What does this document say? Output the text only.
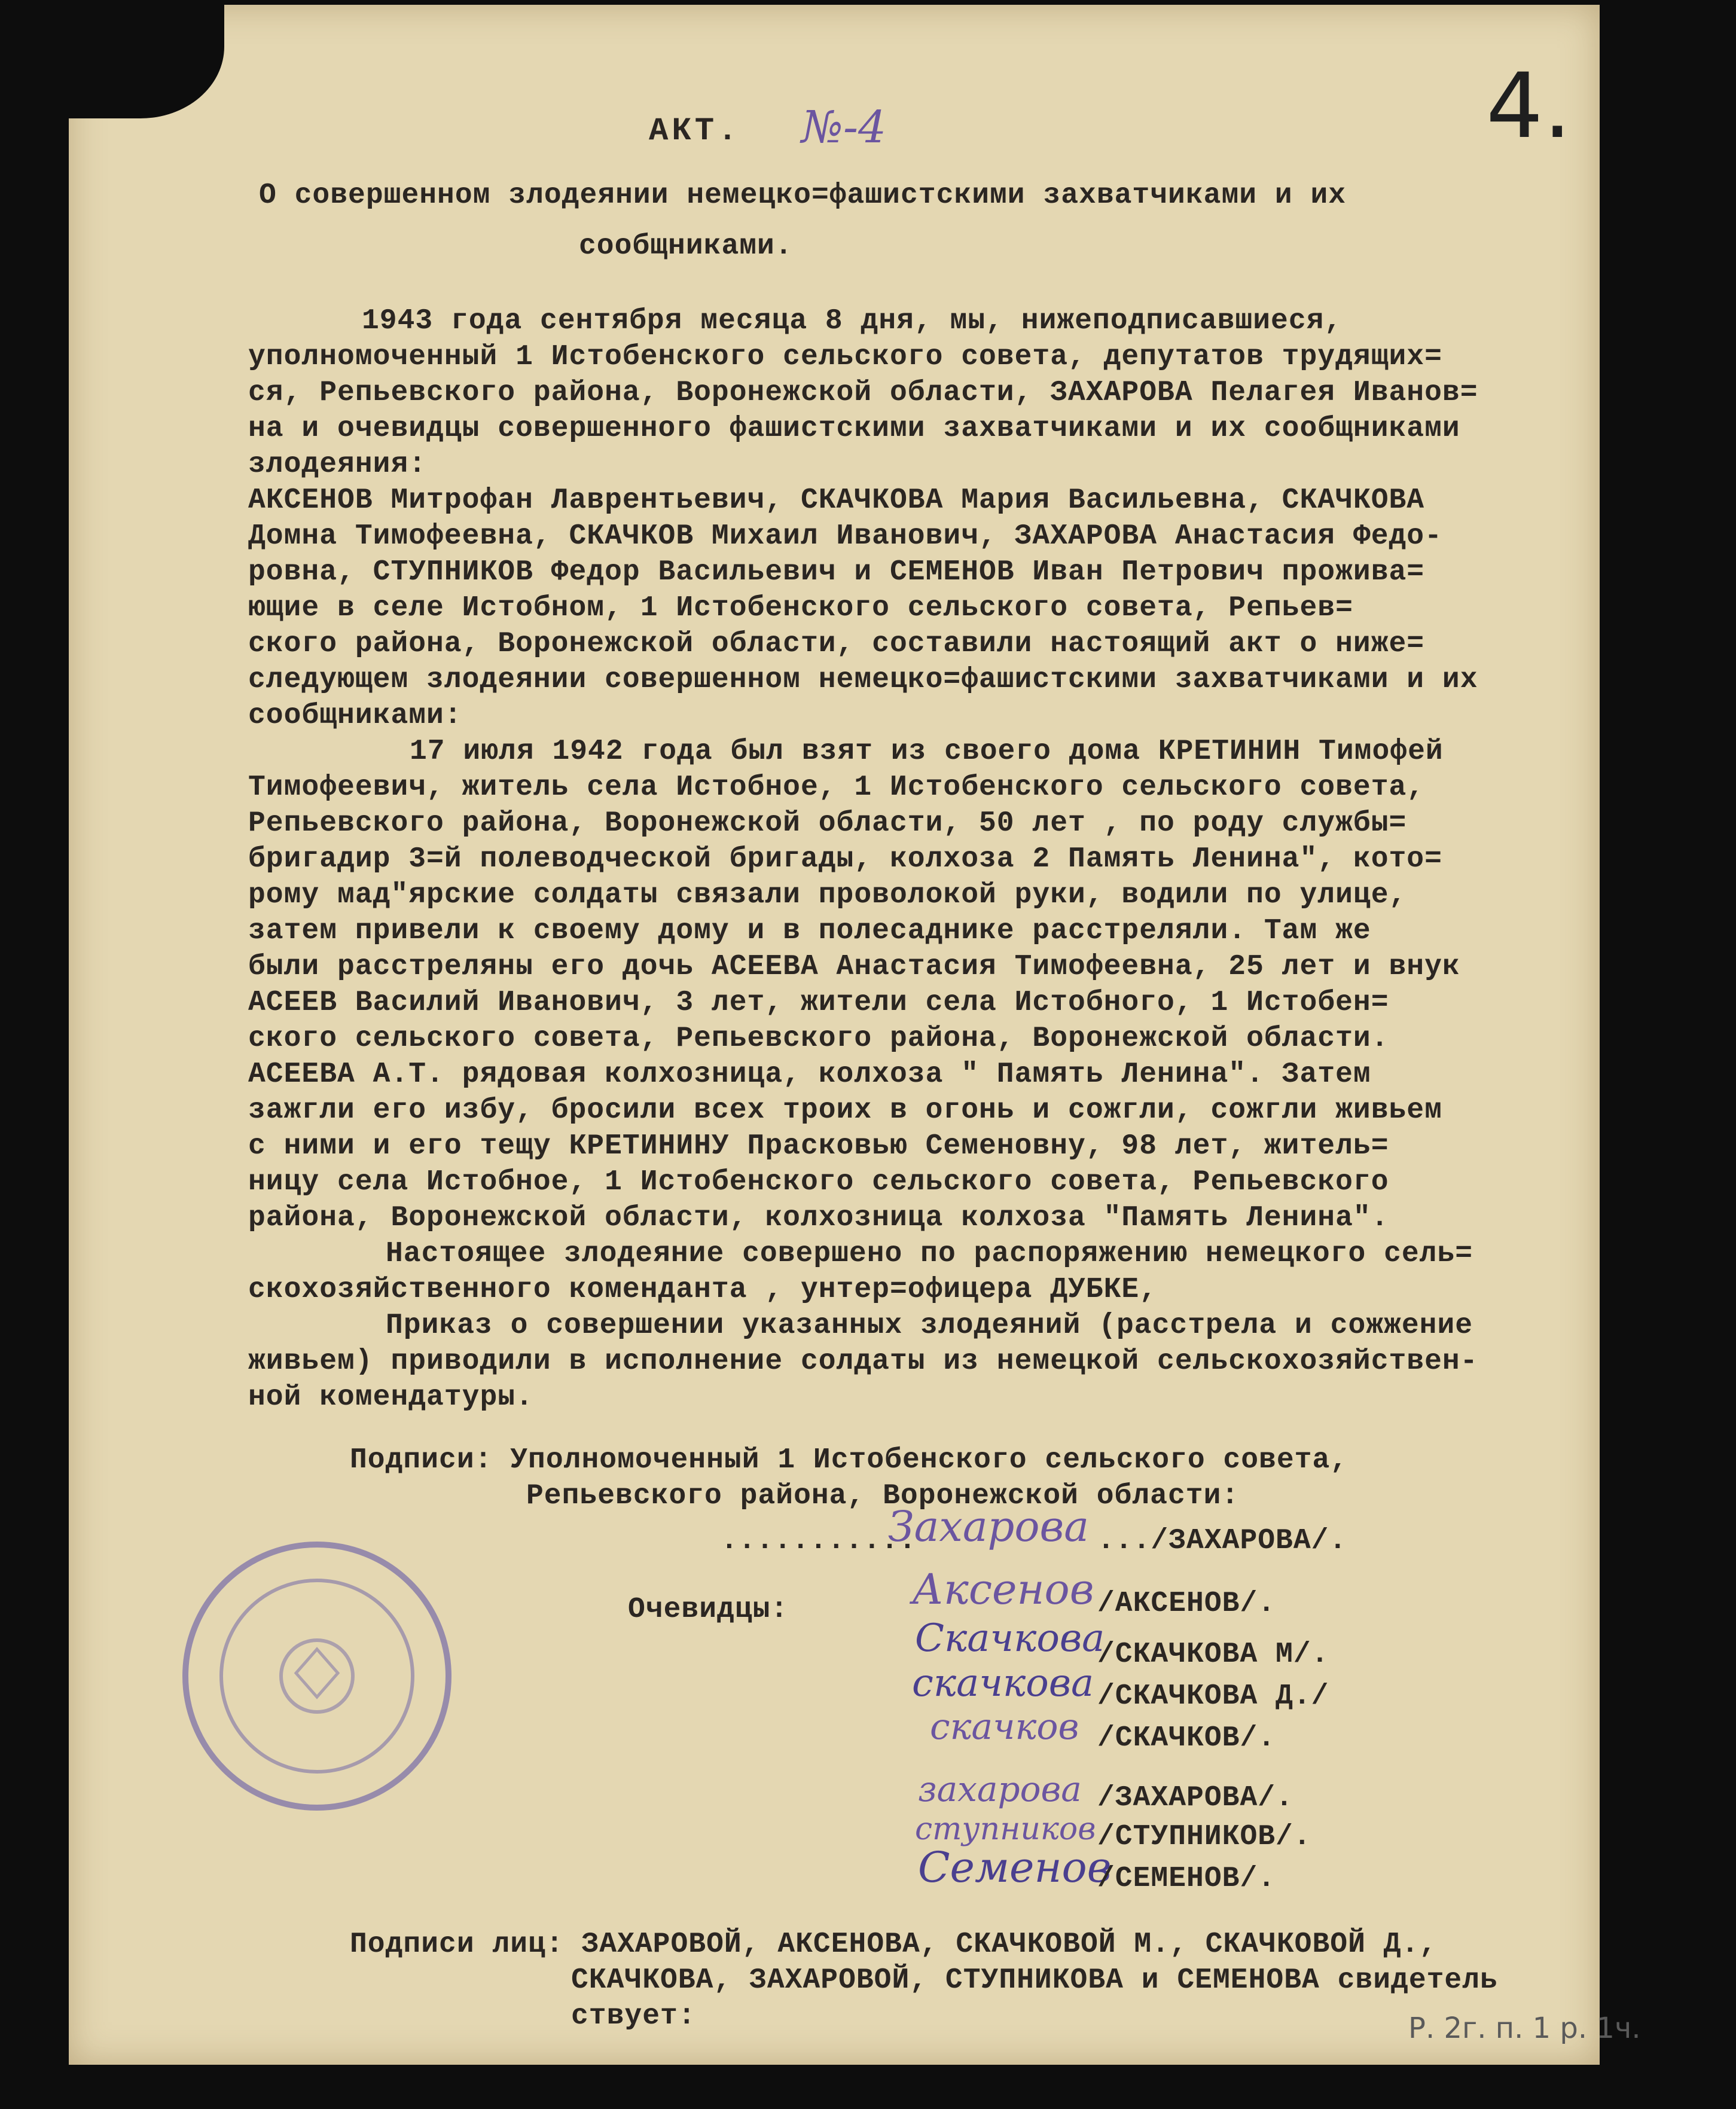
АКТ. №-4	4.
О совершенном злодеянии немецко=фашистскими захватчиками и их
сообщниками.
1943 года сентября месяца 8 дня, мы, нижеподписавшиеся,
уполномоченный 1 Истобенского сельского совета, депутатов трудящих=
ся, Репьевского района, Воронежской области, ЗАХАРОВА Пелагея Иванов=
на и очевидцы совершенного фашистскими захватчиками и их сообщниками
злодеяния:
АКСЕНОВ Митрофан Лаврентьевич, СКАЧКОВА Мария Васильевна, СКАЧКОВА
Домна Тимофеевна, СКАЧКОВ Михаил Иванович, ЗАХАРОВА Анастасия Федо-
ровна, СТУПНИКОВ Федор Васильевич и СЕМЕНОВ Иван Петрович прожива=
ющие в селе Истобном, 1 Истобенского сельского совета, Репьев=
ского района, Воронежской области, составили настоящий акт о ниже=
следующем злодеянии совершенном немецко=фашистскими захватчиками и их
сообщниками:
17 июля 1942 года был взят из своего дома КРЕТИНИН Тимофей
Тимофеевич, житель села Истобное, 1 Истобенского сельского совета,
Репьевского района, Воронежской области, 50 лет , по роду службы=
бригадир 3=й полеводческой бригады, колхоза 2 Память Ленина", кото=
рому мад"ярские солдаты связали проволокой руки, водили по улице,
затем привели к своему дому и в полесаднике расстреляли. Там же
были расстреляны его дочь АСЕЕВА Анастасия Тимофеевна, 25 лет и внук
АСЕЕВ Василий Иванович, 3 лет, жители села Истобного, 1 Истобен=
ского сельского совета, Репьевского района, Воронежской области.
АСЕЕВА А.Т. рядовая колхозница, колхоза " Память Ленина". Затем
зажгли его избу, бросили всех троих в огонь и сожгли, сожгли живьем
с ними и его тещу КРЕТИНИНУ Прасковью Семеновну, 98 лет, житель=
ницу села Истобное, 1 Истобенского сельского совета, Репьевского
района, Воронежской области, колхозница колхоза "Память Ленина".
Настоящее злодеяние совершено по распоряжению немецкого сель=
скохозяйственного коменданта , унтер=офицера ДУБКЕ,
Приказ о совершении указанных злодеяний (расстрела и сожжение
живьем) приводили в исполнение солдаты из немецкой сельскохозяйствен-
ной комендатуры.
Подписи: Уполномоченный 1 Истобенского сельского совета,
Репьевского района, Воронежской области:
...........
Захарова .../ЗАХАРОВА/.
Очевидцы:	Аксенов /АКСЕНОВ/.
Скачкова
/СКАЧКОВА М/.
скачкова /СКАЧКОВА Д./
скачков /СКАЧКОВ/.
захарова /ЗАХАРОВА/.
ступников /СТУПНИКОВ/.
Семенов
/СЕМЕНОВ/.
Подписи лиц: ЗАХАРОВОЙ, АКСЕНОВА, СКАЧКОВОЙ М., СКАЧКОВОЙ Д.,
СКАЧКОВА, ЗАХАРОВОЙ, СТУПНИКОВА и СЕМЕНОВА свидетель
ствует:	Р. 2г. п. 1 р. 1ч.
